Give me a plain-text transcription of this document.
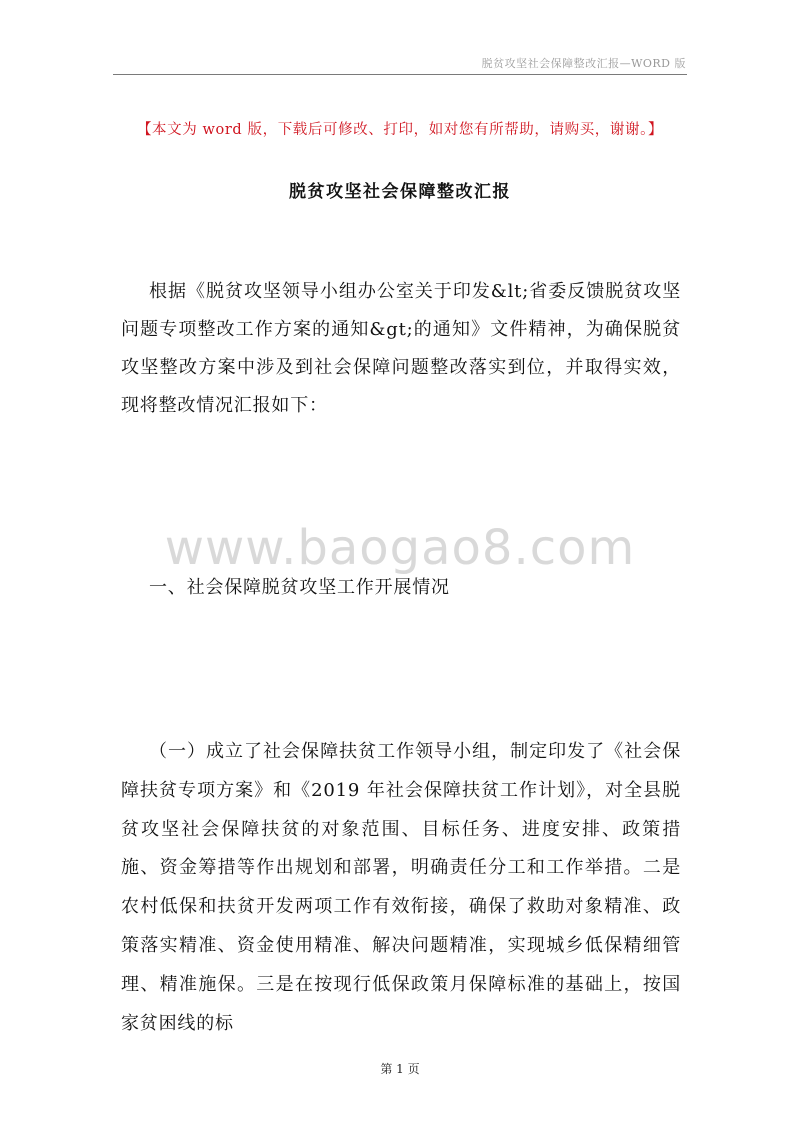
脱贫攻坚社会保障整改汇报—WORD 版
【本文为 word 版，下载后可修改、打印，如对您有所帮助，请购买，谢谢。】
脱贫攻坚社会保障整改汇报

根据《脱贫攻坚领导小组办公室关于印发&lt;省委反馈脱贫攻坚问题专项整改工作方案的通知&gt;的通知》文件精神，为确保脱贫攻坚整改方案中涉及到社会保障问题整改落实到位，并取得实效，现将整改情况汇报如下：

www.baogao8.com
一、社会保障脱贫攻坚工作开展情况

（一）成立了社会保障扶贫工作领导小组，制定印发了《社会保障扶贫专项方案》和《2019 年社会保障扶贫工作计划》，对全县脱贫攻坚社会保障扶贫的对象范围、目标任务、进度安排、政策措施、资金筹措等作出规划和部署，明确责任分工和工作举措。二是农村低保和扶贫开发两项工作有效衔接，确保了救助对象精准、政策落实精准、资金使用精准、解决问题精准，实现城乡低保精细管理、精准施保。三是在按现行低保政策月保障标准的基础上，按国家贫困线的标

第 1 页
